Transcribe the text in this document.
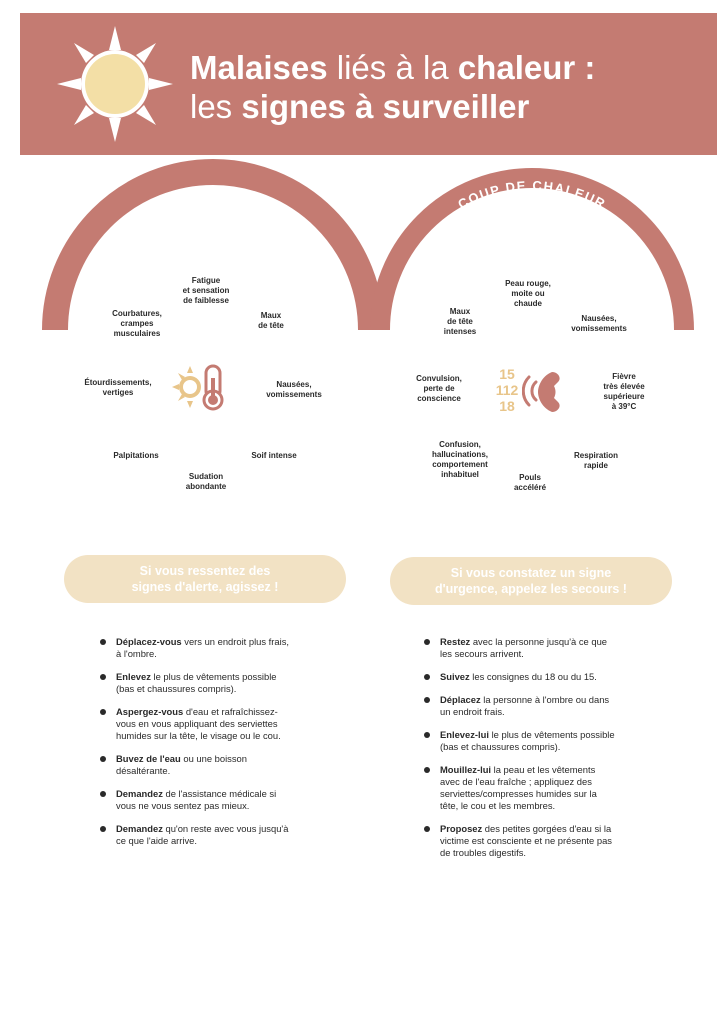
Malaises liés à la chaleur :
les signes à surveiller
ÉPUISEMENT DÛ À LA CHALEUR
COUP DE CHALEUR
Fatigue
et sensation
de faiblesse
Courbatures,
crampes
musculaires
Maux
de tête
Étourdissements,
vertiges
Nausées,
vomissements
Palpitations	Soif intense
Sudation
abondante
Peau rouge,
moite ou
chaude
Maux
de tête
intenses
Nausées,
vomissements
Convulsion,
perte de
conscience
Fièvre
très élevée
supérieure
à 39°C
Confusion,
hallucinations,
comportement
inhabituel
Respiration
rapide
Pouls
accéléré
15
112
18
Si vous ressentez des
signes d'alerte, agissez !
Si vous constatez un signe
d'urgence, appelez les secours !
Déplacez-vous vers un endroit plus frais,
à l'ombre.
Enlevez le plus de vêtements possible
(bas et chaussures compris).
Aspergez-vous d'eau et rafraîchissez-
vous en vous appliquant des serviettes
humides sur la tête, le visage ou le cou.
Buvez de l'eau ou une boisson
désaltérante.
Demandez de l'assistance médicale si
vous ne vous sentez pas mieux.
Demandez qu'on reste avec vous jusqu'à
ce que l'aide arrive.
Restez avec la personne jusqu'à ce que
les secours arrivent.
Suivez les consignes du 18 ou du 15.
Déplacez la personne à l'ombre ou dans
un endroit frais.
Enlevez-lui le plus de vêtements possible
(bas et chaussures compris).
Mouillez-lui la peau et les vêtements
avec de l'eau fraîche ; appliquez des
serviettes/compresses humides sur la
tête, le cou et les membres.
Proposez des petites gorgées d'eau si la
victime est consciente et ne présente pas
de troubles digestifs.
